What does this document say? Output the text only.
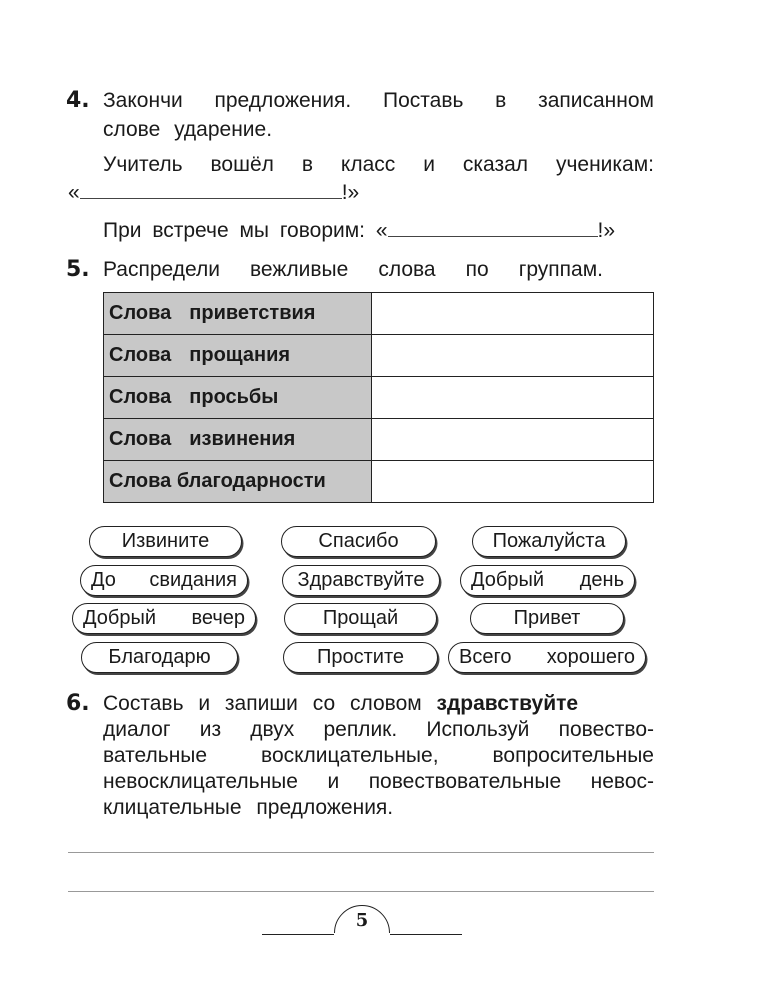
4. Закончи предложения. Поставь в записанном
слове ударение.
Учитель вошёл в класс и сказал ученикам:
«	!»
При встрече мы говорим: «	!»
5. Распредели вежливые слова по группам.
Слова приветствия	
Слова прощания	
Слова просьбы	
Слова извинения	
Слова благодарности	
Извините	Спасибо	Пожалуйста
До свидания	Здравствуйте	Добрый день
Добрый вечер	Прощай	Привет
Благодарю	Простите	Всего хорошего
6. Составь и запиши со словом здравствуйте
диалог из двух реплик. Используй повество-
вательные восклицательные, вопросительные
невосклицательные и повествовательные невос-
клицательные предложения.
5
